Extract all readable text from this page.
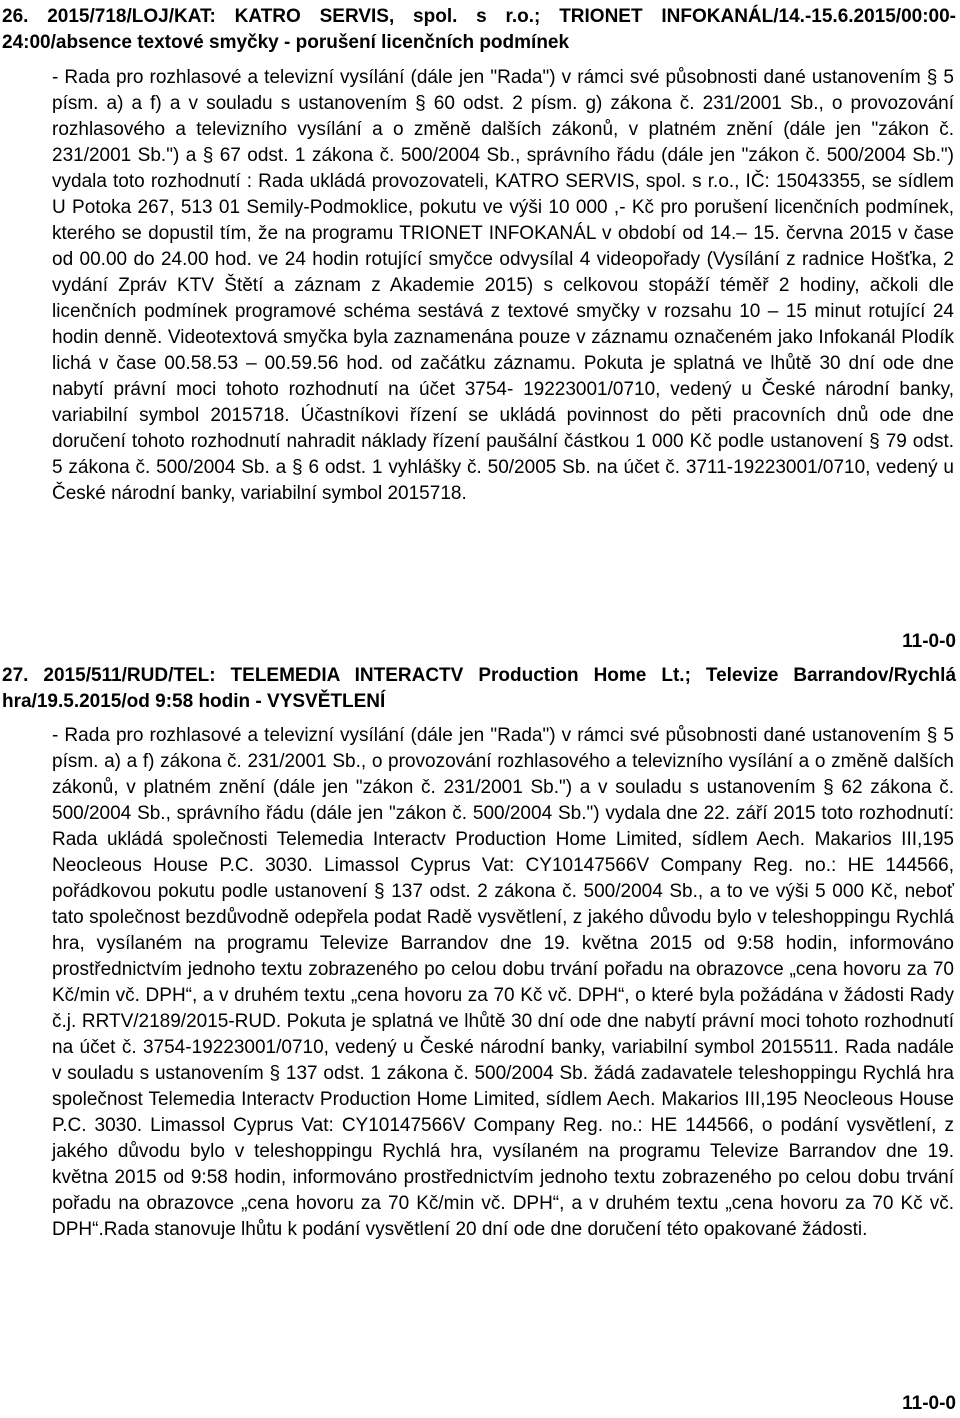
26. 2015/718/LOJ/KAT: KATRO SERVIS, spol. s r.o.; TRIONET INFOKANÁL/14.-15.6.2015/00:00-24:00/absence textové smyčky - porušení licenčních podmínek

- Rada pro rozhlasové a televizní vysílání (dále jen "Rada") v rámci své působnosti dané ustanovením § 5 písm. a) a f) a v souladu s ustanovením § 60 odst. 2 písm. g) zákona č. 231/2001 Sb., o provozování rozhlasového a televizního vysílání a o změně dalších zákonů, v platném znění (dále jen "zákon č. 231/2001 Sb.") a § 67 odst. 1 zákona č. 500/2004 Sb., správního řádu (dále jen "zákon č. 500/2004 Sb.") vydala toto rozhodnutí : Rada ukládá provozovateli, KATRO SERVIS, spol. s r.o., IČ: 15043355, se sídlem U Potoka 267, 513 01 Semily-Podmoklice, pokutu ve výši 10 000 ,- Kč pro porušení licenčních podmínek, kterého se dopustil tím, že na programu TRIONET INFOKANÁL v období od 14.– 15. června 2015 v čase od 00.00 do 24.00 hod. ve 24 hodin rotující smyčce odvysílal 4 videopořady (Vysílání z radnice Hošťka, 2 vydání Zpráv KTV Štětí a záznam z Akademie 2015) s celkovou stopáží téměř 2 hodiny, ačkoli dle licenčních podmínek programové schéma sestává z textové smyčky v rozsahu 10 – 15 minut rotující 24 hodin denně. Videotextová smyčka byla zaznamenána pouze v záznamu označeném jako Infokanál Plodík lichá v čase 00.58.53 – 00.59.56 hod. od začátku záznamu. Pokuta je splatná ve lhůtě 30 dní ode dne nabytí právní moci tohoto rozhodnutí na účet 3754- 19223001/0710, vedený u České národní banky, variabilní symbol 2015718. Účastníkovi řízení se ukládá povinnost do pěti pracovních dnů ode dne doručení tohoto rozhodnutí nahradit náklady řízení paušální částkou 1 000 Kč podle ustanovení § 79 odst. 5 zákona č. 500/2004 Sb. a § 6 odst. 1 vyhlášky č. 50/2005 Sb. na účet č. 3711-19223001/0710, vedený u České národní banky, variabilní symbol 2015718.

11-0-0

27. 2015/511/RUD/TEL: TELEMEDIA INTERACTV Production Home Lt.; Televize Barrandov/Rychlá hra/19.5.2015/od 9:58 hodin - VYSVĚTLENÍ

- Rada pro rozhlasové a televizní vysílání (dále jen "Rada") v rámci své působnosti dané ustanovením § 5 písm. a) a f) zákona č. 231/2001 Sb., o provozování rozhlasového a televizního vysílání a o změně dalších zákonů, v platném znění (dále jen "zákon č. 231/2001 Sb.") a v souladu s ustanovením § 62 zákona č. 500/2004 Sb., správního řádu (dále jen "zákon č. 500/2004 Sb.") vydala dne 22. září 2015 toto rozhodnutí: Rada ukládá společnosti Telemedia Interactv Production Home Limited, sídlem Aech. Makarios III,195 Neocleous House P.C. 3030. Limassol Cyprus Vat: CY10147566V Company Reg. no.: HE 144566, pořádkovou pokutu podle ustanovení § 137 odst. 2 zákona č. 500/2004 Sb., a to ve výši 5 000 Kč, neboť tato společnost bezdůvodně odepřela podat Radě vysvětlení, z jakého důvodu bylo v teleshoppingu Rychlá hra, vysílaném na programu Televize Barrandov dne 19. května 2015 od 9:58 hodin, informováno prostřednictvím jednoho textu zobrazeného po celou dobu trvání pořadu na obrazovce „cena hovoru za 70 Kč/min vč. DPH“, a v druhém textu „cena hovoru za 70 Kč vč. DPH“, o které byla požádána v žádosti Rady č.j. RRTV/2189/2015-RUD. Pokuta je splatná ve lhůtě 30 dní ode dne nabytí právní moci tohoto rozhodnutí na účet č. 3754-19223001/0710, vedený u České národní banky, variabilní symbol 2015511. Rada nadále v souladu s ustanovením § 137 odst. 1 zákona č. 500/2004 Sb. žádá zadavatele teleshoppingu Rychlá hra společnost Telemedia Interactv Production Home Limited, sídlem Aech. Makarios III,195 Neocleous House P.C. 3030. Limassol Cyprus Vat: CY10147566V Company Reg. no.: HE 144566, o podání vysvětlení, z jakého důvodu bylo v teleshoppingu Rychlá hra, vysílaném na programu Televize Barrandov dne 19. května 2015 od 9:58 hodin, informováno prostřednictvím jednoho textu zobrazeného po celou dobu trvání pořadu na obrazovce „cena hovoru za 70 Kč/min vč. DPH“, a v druhém textu „cena hovoru za 70 Kč vč. DPH“.Rada stanovuje lhůtu k podání vysvětlení 20 dní ode dne doručení této opakované žádosti.

11-0-0
